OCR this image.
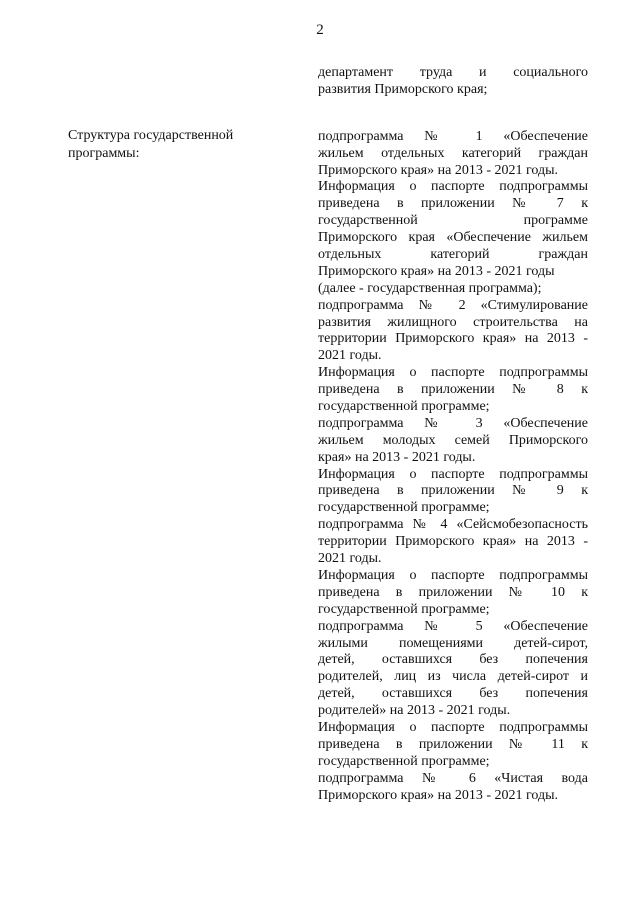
2
Структура государственной
программы:
департамент труда и социального
развития Приморского края;
подпрограмма № 1 «Обеспечение
жильем отдельных категорий граждан
Приморского края» на 2013 - 2021 годы.
Информация о паспорте подпрограммы
приведена в приложении № 7 к
государственной программе
Приморского края «Обеспечение жильем
отдельных категорий граждан
Приморского края» на 2013 - 2021 годы
(далее - государственная программа);
подпрограмма № 2 «Стимулирование
развития жилищного строительства на
территории Приморского края» на 2013 -
2021 годы.
Информация о паспорте подпрограммы
приведена в приложении № 8 к
государственной программе;
подпрограмма № 3 «Обеспечение
жильем молодых семей Приморского
края» на 2013 - 2021 годы.
Информация о паспорте подпрограммы
приведена в приложении № 9 к
государственной программе;
подпрограмма № 4 «Сейсмобезопасность
территории Приморского края» на 2013 -
2021 годы.
Информация о паспорте подпрограммы
приведена в приложении № 10 к
государственной программе;
подпрограмма № 5 «Обеспечение
жилыми помещениями детей-сирот,
детей, оставшихся без попечения
родителей, лиц из числа детей-сирот и
детей, оставшихся без попечения
родителей» на 2013 - 2021 годы.
Информация о паспорте подпрограммы
приведена в приложении № 11 к
государственной программе;
подпрограмма № 6 «Чистая вода
Приморского края» на 2013 - 2021 годы.
